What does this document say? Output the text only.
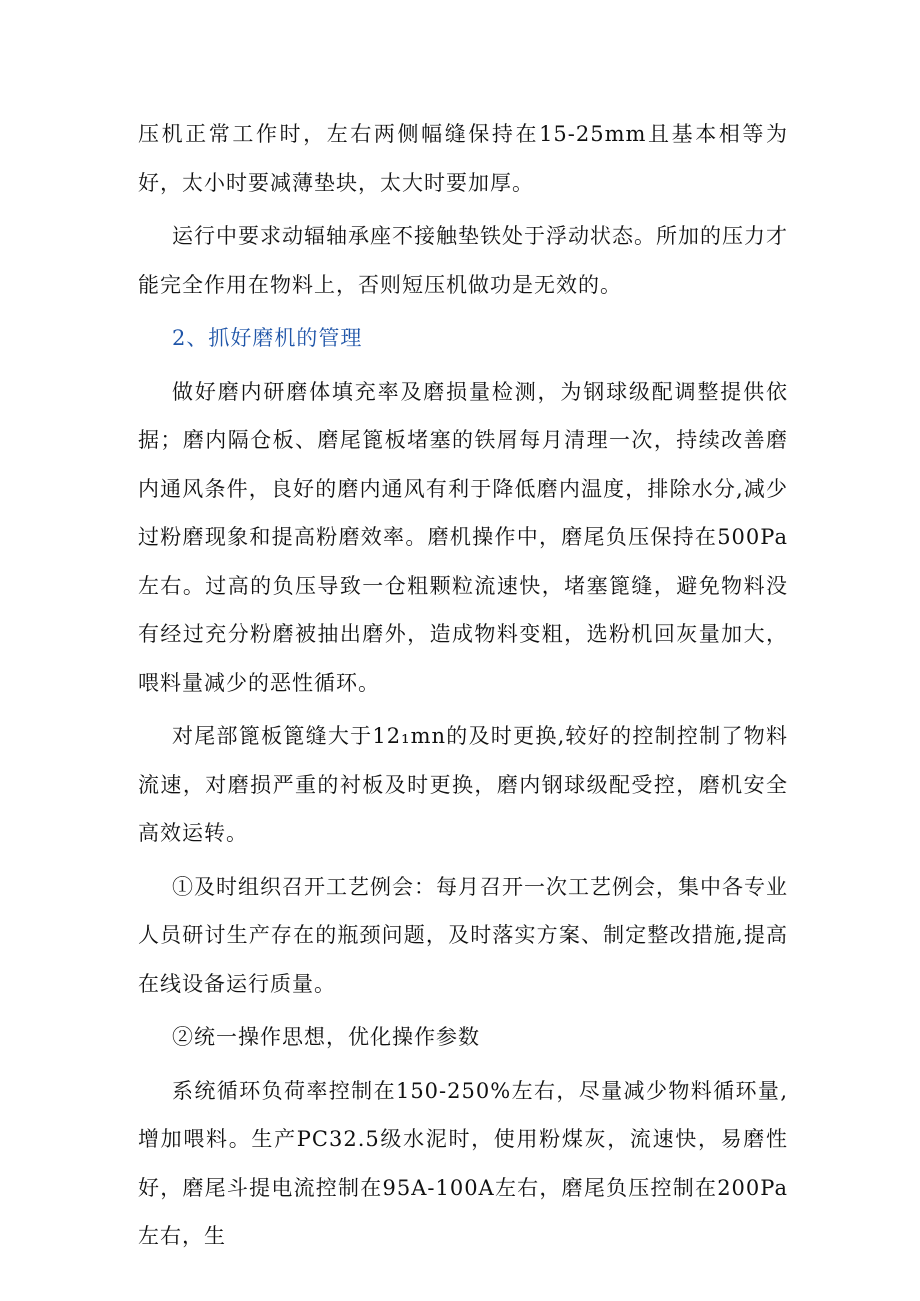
压机正常工作时，左右两侧幅缝保持在15-25mm且基本相等为好，太小时要减薄垫块，太大时要加厚。

运行中要求动辐轴承座不接触垫铁处于浮动状态。所加的压力才能完全作用在物料上，否则短压机做功是无效的。

2、抓好磨机的管理

做好磨内研磨体填充率及磨损量检测，为钢球级配调整提供依据；磨内隔仓板、磨尾篦板堵塞的铁屑每月清理一次，持续改善磨内通风条件，良好的磨内通风有利于降低磨内温度，排除水分,减少过粉磨现象和提高粉磨效率。磨机操作中，磨尾负压保持在500Pa左右。过高的负压导致一仓粗颗粒流速快，堵塞篦缝，避免物料没有经过充分粉磨被抽出磨外，造成物料变粗，选粉机回灰量加大，喂料量减少的恶性循环。

对尾部篦板篦缝大于12₁mn的及时更换,较好的控制控制了物料流速，对磨损严重的衬板及时更换，磨内钢球级配受控，磨机安全高效运转。

①及时组织召开工艺例会：每月召开一次工艺例会，集中各专业人员研讨生产存在的瓶颈问题，及时落实方案、制定整改措施,提高在线设备运行质量。

②统一操作思想，优化操作参数

系统循环负荷率控制在150-250%左右，尽量减少物料循环量,增加喂料。生产PC32.5级水泥时，使用粉煤灰，流速快，易磨性好，磨尾斗提电流控制在95A-100A左右，磨尾负压控制在200Pa左右，生
